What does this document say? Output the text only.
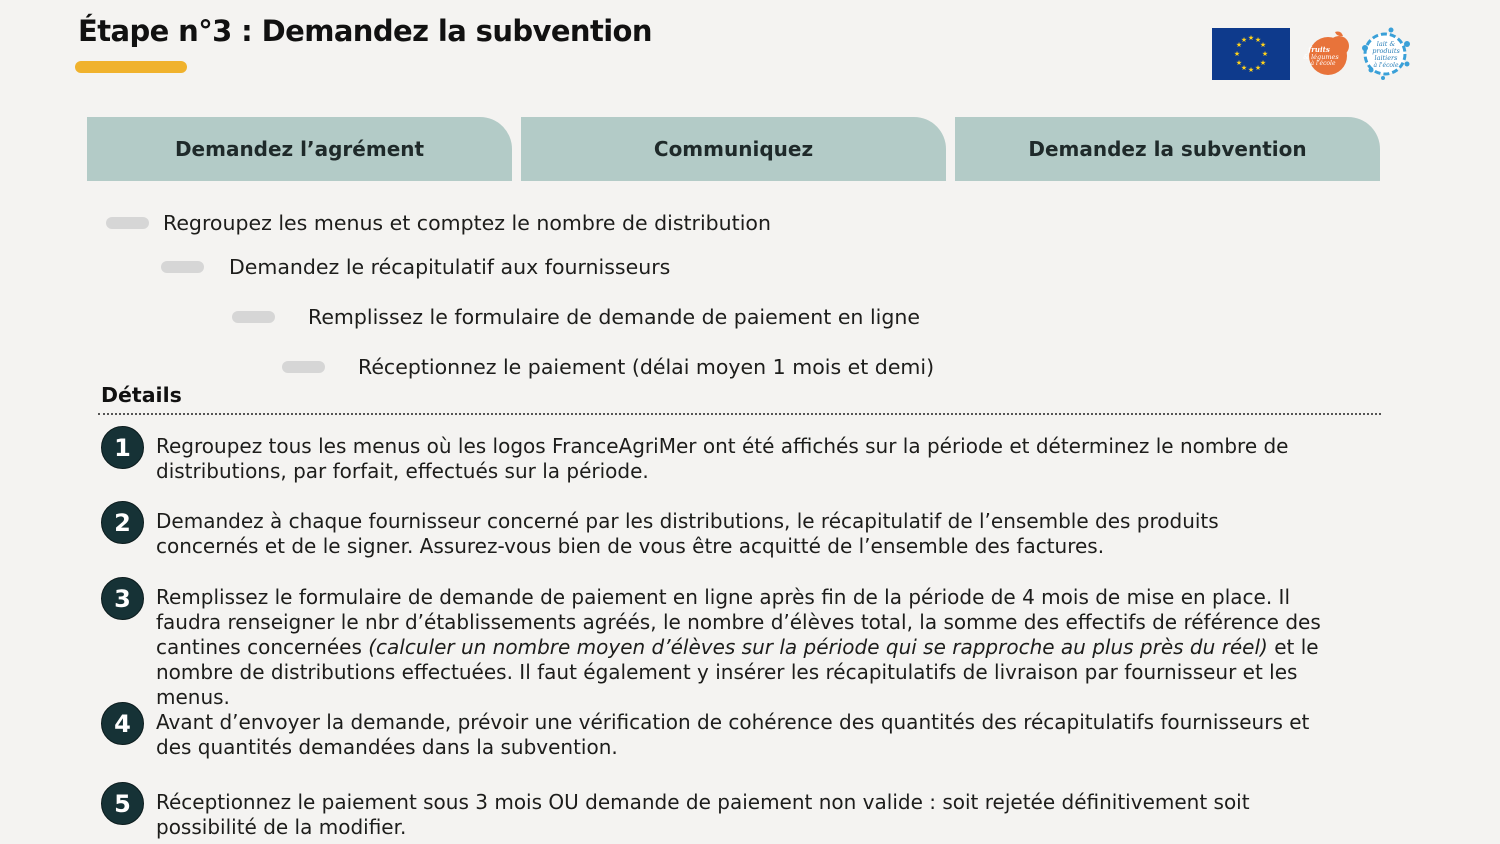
Étape n°3 : Demandez la subvention	★ ★
★
★
★
★
★
★
★
★
★
★
fruits
& légumes
à l'école
lait &
produits
laitiers
à l'école
Demandez l’agrément	Communiquez	Demandez la subvention
Regroupez les menus et comptez le nombre de distribution
Demandez le récapitulatif aux fournisseurs
Remplissez le formulaire de demande de paiement en ligne
Réceptionnez le paiement (délai moyen 1 mois et demi)
Détails
1	Regroupez tous les menus où les logos FranceAgriMer ont été affichés sur la période et déterminez le nombre de distributions, par forfait, effectués sur la période.
2	Demandez à chaque fournisseur concerné par les distributions, le récapitulatif de l’ensemble des produits concernés et de le signer. Assurez-vous bien de vous être acquitté de l’ensemble des factures.
3	Remplissez le formulaire de demande de paiement en ligne après fin de la période de 4 mois de mise en place. Il faudra renseigner le nbr d’établissements agréés, le nombre d’élèves total, la somme des effectifs de référence des cantines concernées (calculer un nombre moyen d’élèves sur la période qui se rapproche au plus près du réel) et le nombre de distributions effectuées. Il faut également y insérer les récapitulatifs de livraison par fournisseur et les menus.
4	Avant d’envoyer la demande, prévoir une vérification de cohérence des quantités des récapitulatifs fournisseurs et des quantités demandées dans la subvention.
5	Réceptionnez le paiement sous 3 mois OU demande de paiement non valide : soit rejetée définitivement soit possibilité de la modifier.
